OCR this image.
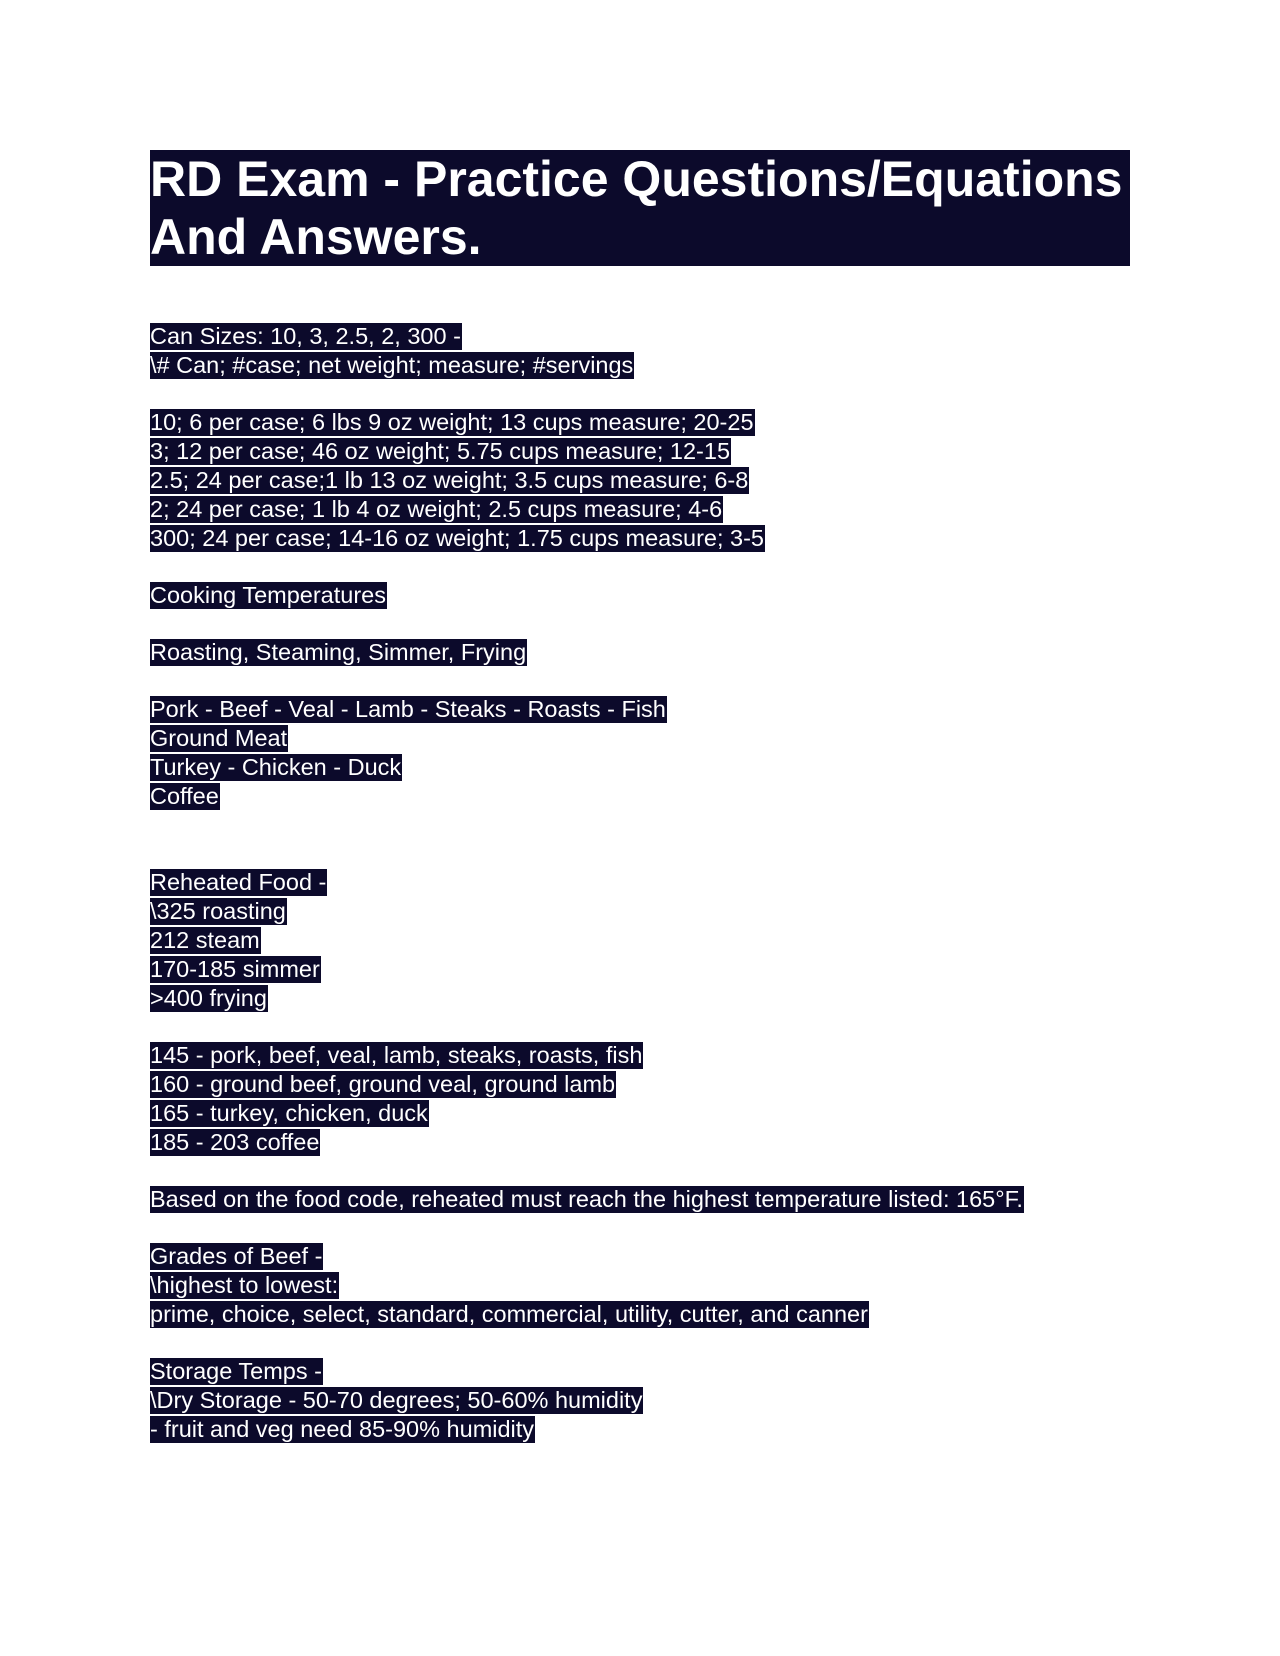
RD Exam - Practice Questions/Equations And Answers.
Can Sizes: 10, 3, 2.5, 2, 300 -
\# Can; #case; net weight; measure; #servings
10; 6 per case; 6 lbs 9 oz weight; 13 cups measure; 20-25
3; 12 per case; 46 oz weight; 5.75 cups measure; 12-15
2.5; 24 per case;1 lb 13 oz weight; 3.5 cups measure; 6-8
2; 24 per case; 1 lb 4 oz weight; 2.5 cups measure; 4-6
300; 24 per case; 14-16 oz weight; 1.75 cups measure; 3-5
Cooking Temperatures
Roasting, Steaming, Simmer, Frying
Pork - Beef - Veal - Lamb - Steaks - Roasts - Fish
Ground Meat
Turkey - Chicken - Duck
Coffee
Reheated Food -
\325 roasting
212 steam
170-185 simmer
>400 frying
145 - pork, beef, veal, lamb, steaks, roasts, fish
160 - ground beef, ground veal, ground lamb
165 - turkey, chicken, duck
185 - 203 coffee
Based on the food code, reheated must reach the highest temperature listed: 165°F.
Grades of Beef -
\highest to lowest:
prime, choice, select, standard, commercial, utility, cutter, and canner
Storage Temps -
\Dry Storage - 50-70 degrees; 50-60% humidity
- fruit and veg need 85-90% humidity
